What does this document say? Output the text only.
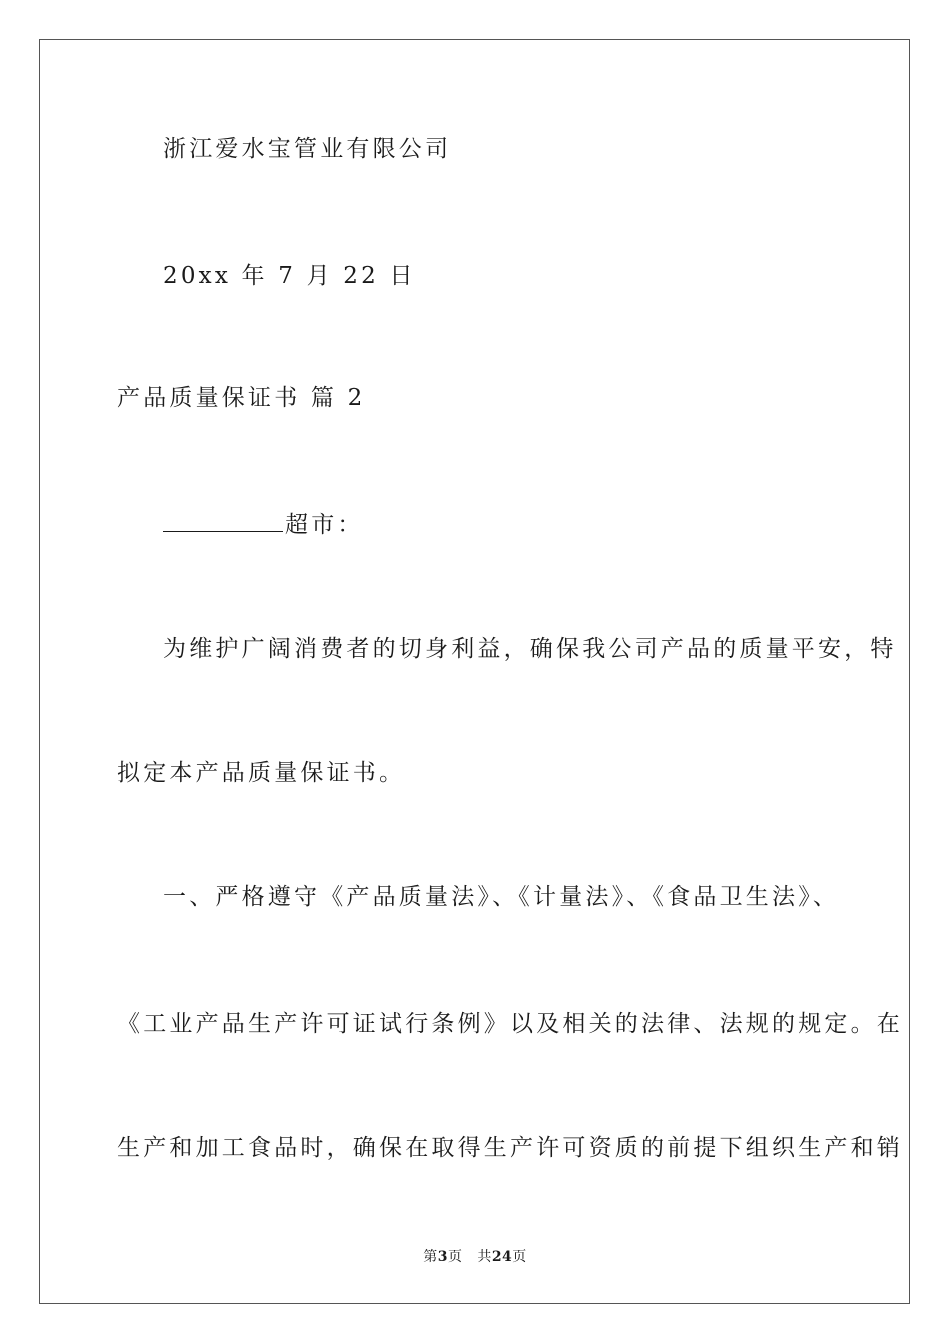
浙江爱水宝管业有限公司
20xx 年 7 月 22 日
产品质量保证书 篇 2
超市：
为维护广阔消费者的切身利益，确保我公司产品的质量平安，特
拟定本产品质量保证书。
一、严格遵守《产品质量法》、《计量法》、《食品卫生法》、
《工业产品生产许可证试行条例》以及相关的法律、法规的规定。在
生产和加工食品时，确保在取得生产许可资质的前提下组织生产和销
第3页 共24页
